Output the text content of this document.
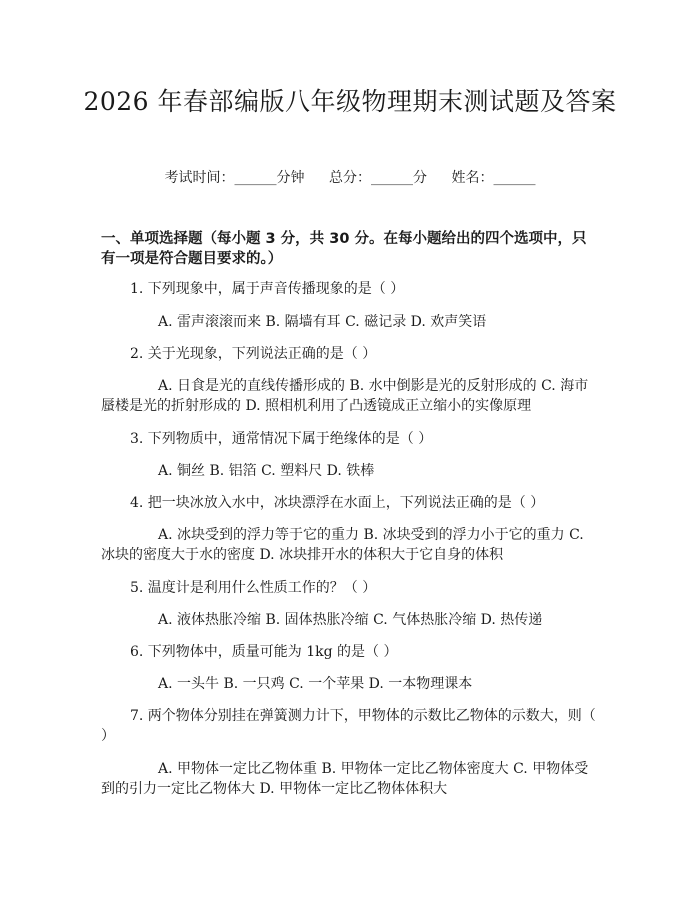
2026 年春部编版八年级物理期末测试题及答案
考试时间：______分钟 总分：______分 姓名：______
一、单项选择题（每小题 3 分，共 30 分。在每小题给出的四个选项中，只有一项是符合题目要求的。）
1. 下列现象中，属于声音传播现象的是（ ）
A. 雷声滚滚而来 B. 隔墙有耳 C. 磁记录 D. 欢声笑语
2. 关于光现象，下列说法正确的是（ ）
A. 日食是光的直线传播形成的 B. 水中倒影是光的反射形成的 C. 海市蜃楼是光的折射形成的 D. 照相机利用了凸透镜成正立缩小的实像原理
3. 下列物质中，通常情况下属于绝缘体的是（ ）
A. 铜丝 B. 铝箔 C. 塑料尺 D. 铁棒
4. 把一块冰放入水中，冰块漂浮在水面上，下列说法正确的是（ ）
A. 冰块受到的浮力等于它的重力 B. 冰块受到的浮力小于它的重力 C. 冰块的密度大于水的密度 D. 冰块排开水的体积大于它自身的体积
5. 温度计是利用什么性质工作的？（ ）
A. 液体热胀冷缩 B. 固体热胀冷缩 C. 气体热胀冷缩 D. 热传递
6. 下列物体中，质量可能为 1kg 的是（ ）
A. 一头牛 B. 一只鸡 C. 一个苹果 D. 一本物理课本
7. 两个物体分别挂在弹簧测力计下，甲物体的示数比乙物体的示数大，则（ ）
A. 甲物体一定比乙物体重 B. 甲物体一定比乙物体密度大 C. 甲物体受到的引力一定比乙物体大 D. 甲物体一定比乙物体体积大
